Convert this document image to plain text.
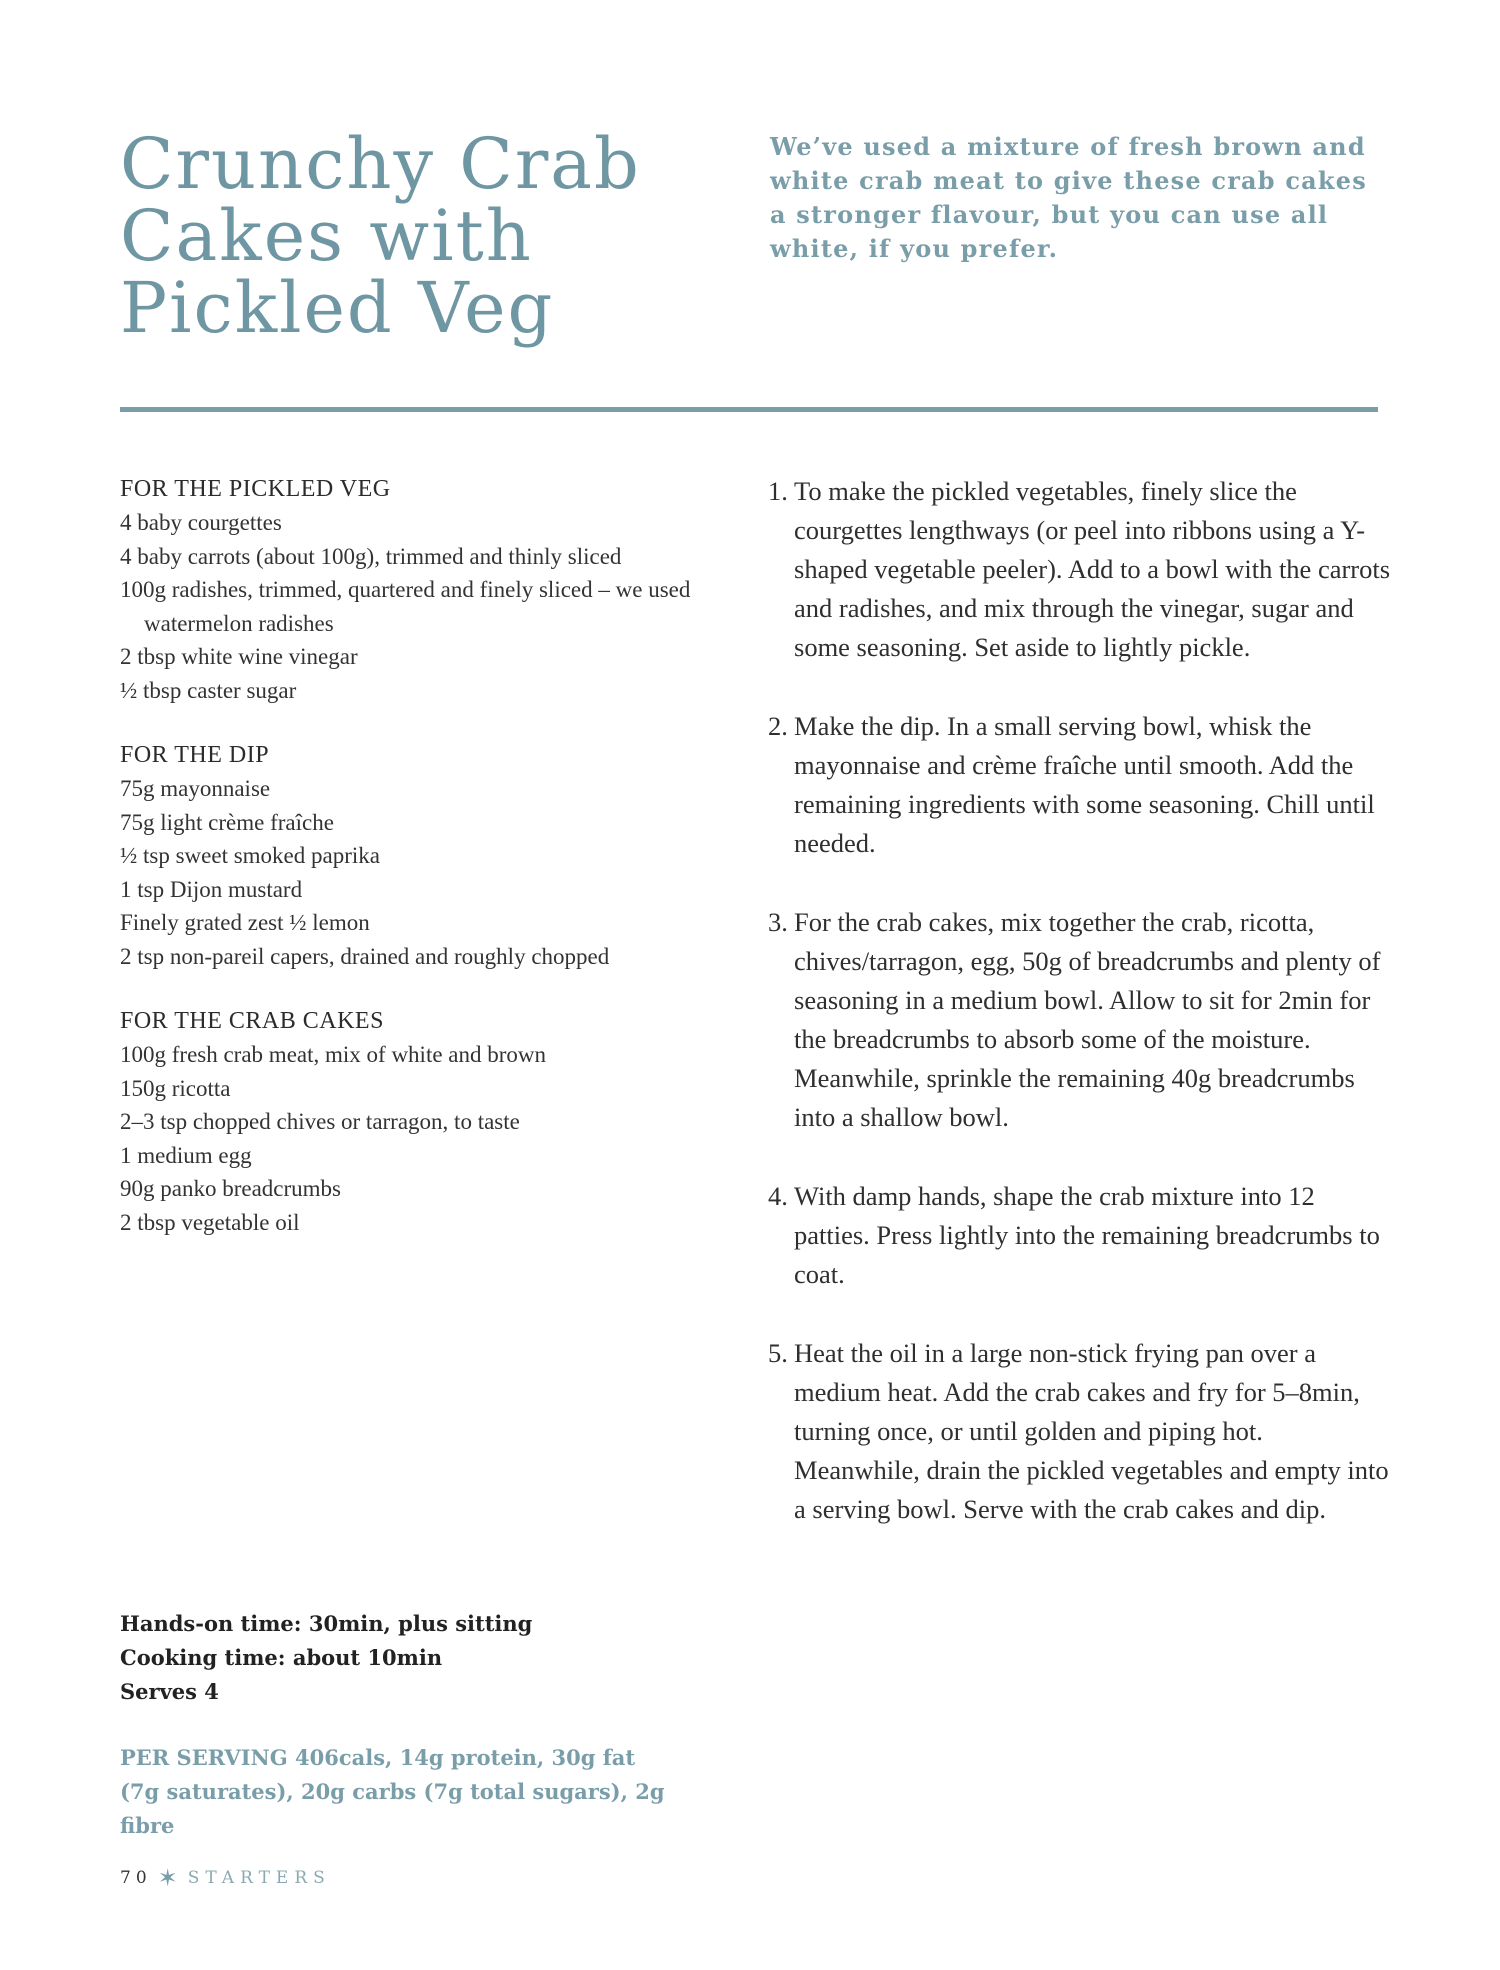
Crunchy Crab
Cakes with
Pickled Veg

We’ve used a mixture of fresh brown and white crab meat to give these crab cakes a stronger flavour, but you can use all white, if you prefer.

FOR THE PICKLED VEG
4 baby courgettes
4 baby carrots (about 100g), trimmed and thinly sliced
100g radishes, trimmed, quartered and finely sliced – we used watermelon radishes
2 tbsp white wine vinegar
½ tbsp caster sugar
FOR THE DIP
75g mayonnaise
75g light crème fraîche
½ tsp sweet smoked paprika
1 tsp Dijon mustard
Finely grated zest ½ lemon
2 tsp non-pareil capers, drained and roughly chopped
FOR THE CRAB CAKES
100g fresh crab meat, mix of white and brown
150g ricotta
2–3 tsp chopped chives or tarragon, to taste
1 medium egg
90g panko breadcrumbs
2 tbsp vegetable oil
Hands-on time: 30min, plus sitting
Cooking time: about 10min
Serves 4
PER SERVING 406cals, 14g protein, 30g fat
(7g saturates), 20g carbs (7g total sugars), 2g fibre
1. To make the pickled vegetables, finely slice the courgettes lengthways (or peel into ribbons using a Y-shaped vegetable peeler). Add to a bowl with the carrots and radishes, and mix through the vinegar, sugar and some seasoning. Set aside to lightly pickle.
2. Make the dip. In a small serving bowl, whisk the mayonnaise and crème fraîche until smooth. Add the remaining ingredients with some seasoning. Chill until needed.
3. For the crab cakes, mix together the crab, ricotta, chives/tarragon, egg, 50g of breadcrumbs and plenty of seasoning in a medium bowl. Allow to sit for 2min for the breadcrumbs to absorb some of the moisture. Meanwhile, sprinkle the remaining 40g breadcrumbs into a shallow bowl.
4. With damp hands, shape the crab mixture into 12 patties. Press lightly into the remaining breadcrumbs to coat.
5. Heat the oil in a large non-stick frying pan over a medium heat. Add the crab cakes and fry for 5–8min, turning once, or until golden and piping hot. Meanwhile, drain the pickled vegetables and empty into a serving bowl. Serve with the crab cakes and dip.
70 ✶ STARTERS
